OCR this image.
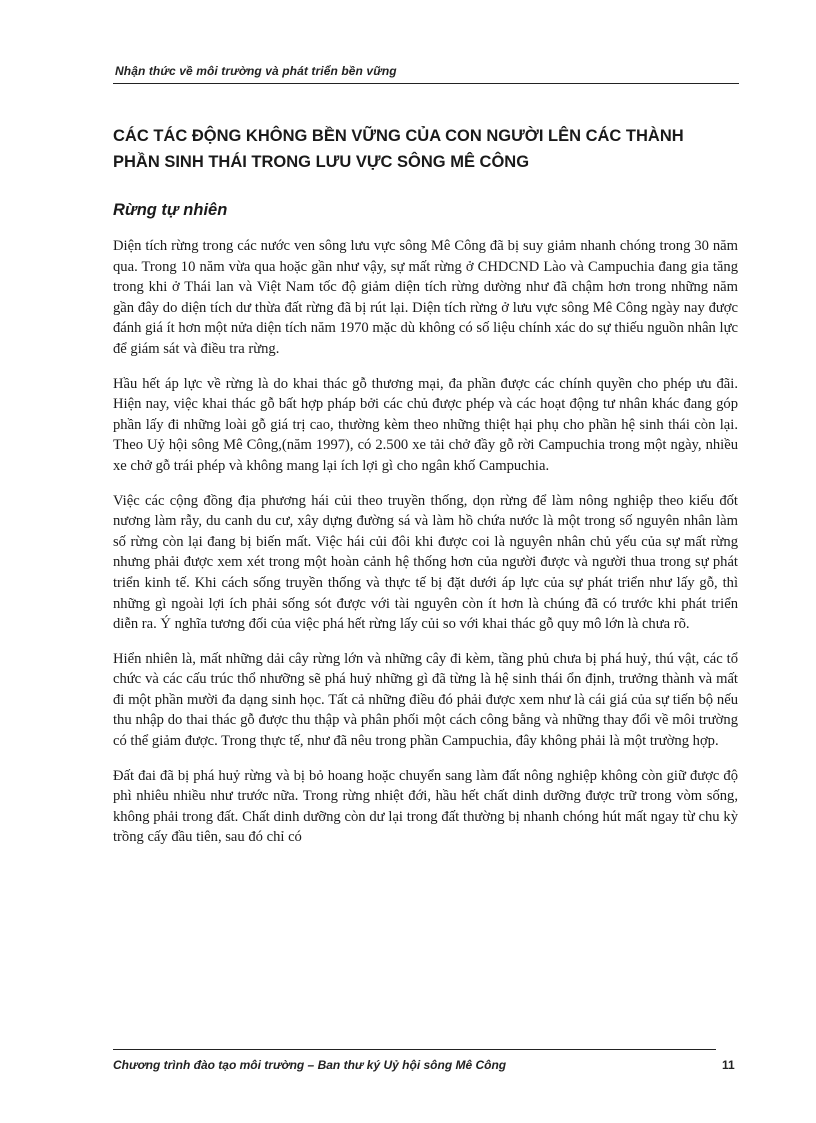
Nhận thức về môi trường và phát triển bền vững
CÁC TÁC ĐỘNG KHÔNG BỀN VỮNG CỦA CON NGƯỜI LÊN CÁC THÀNH
PHẦN SINH THÁI TRONG LƯU VỰC SÔNG MÊ CÔNG
Rừng tự nhiên

Diện tích rừng trong các nước ven sông lưu vực sông Mê Công đã bị suy giảm nhanh chóng trong 30 năm qua. Trong 10 năm vừa qua hoặc gần như vậy, sự mất rừng ở CHDCND Lào và Campuchia đang gia tăng trong khi ở Thái lan và Việt Nam tốc độ giảm diện tích rừng dường như đã chậm hơn trong những năm gần đây do diện tích dư thừa đất rừng đã bị rút lại. Diện tích rừng ở lưu vực sông Mê Công ngày nay được đánh giá ít hơn một nửa diện tích năm 1970 mặc dù không có số liệu chính xác do sự thiếu nguồn nhân lực để giám sát và điều tra rừng.

Hầu hết áp lực về rừng là do khai thác gỗ thương mại, đa phần được các chính quyền cho phép ưu đãi. Hiện nay, việc khai thác gỗ bất hợp pháp bởi các chủ được phép và các hoạt động tư nhân khác đang góp phần lấy đi những loài gỗ giá trị cao, thường kèm theo những thiệt hại phụ cho phần hệ sinh thái còn lại. Theo Uỷ hội sông Mê Công,(năm 1997), có 2.500 xe tải chở đầy gỗ rời Campuchia trong một ngày, nhiều xe chở gỗ trái phép và không mang lại ích lợi gì cho ngân khố Campuchia.

Việc các cộng đồng địa phương hái củi theo truyền thống, dọn rừng để làm nông nghiệp theo kiểu đốt nương làm rẫy, du canh du cư, xây dựng đường sá và làm hồ chứa nước là một trong số nguyên nhân làm số rừng còn lại đang bị biến mất. Việc hái củi đôi khi được coi là nguyên nhân chủ yếu của sự mất rừng nhưng phải được xem xét trong một hoàn cảnh hệ thống hơn của người được và người thua trong sự phát triển kinh tế. Khi cách sống truyền thống và thực tế bị đặt dưới áp lực của sự phát triển như lấy gỗ, thì những gì ngoài lợi ích phải sống sót được với tài nguyên còn ít hơn là chúng đã có trước khi phát triển diễn ra. Ý nghĩa tương đối của việc phá hết rừng lấy củi so với khai thác gỗ quy mô lớn là chưa rõ.

Hiển nhiên là, mất những dải cây rừng lớn và những cây đi kèm, tầng phủ chưa bị phá huỷ, thú vật, các tổ chức và các cấu trúc thổ nhưỡng sẽ phá huỷ những gì đã từng là hệ sinh thái ổn định, trưởng thành và mất đi một phần mười đa dạng sinh học. Tất cả những điều đó phải được xem như là cái giá của sự tiến bộ nếu thu nhập do thai thác gỗ được thu thập và phân phối một cách công bằng và những thay đổi về môi trường có thể giảm được. Trong thực tế, như đã nêu trong phần Campuchia, đây không phải là một trường hợp.

Đất đai đã bị phá huỷ rừng và bị bỏ hoang hoặc chuyển sang làm đất nông nghiệp không còn giữ được độ phì nhiêu nhiều như trước nữa. Trong rừng nhiệt đới, hầu hết chất dinh dưỡng được trữ trong vòm sống, không phải trong đất. Chất dinh dưỡng còn dư lại trong đất thường bị nhanh chóng hút mất ngay từ chu kỳ trồng cấy đầu tiên, sau đó chỉ có

Chương trình đào tạo môi trường – Ban thư ký Uỷ hội sông Mê Công	11
